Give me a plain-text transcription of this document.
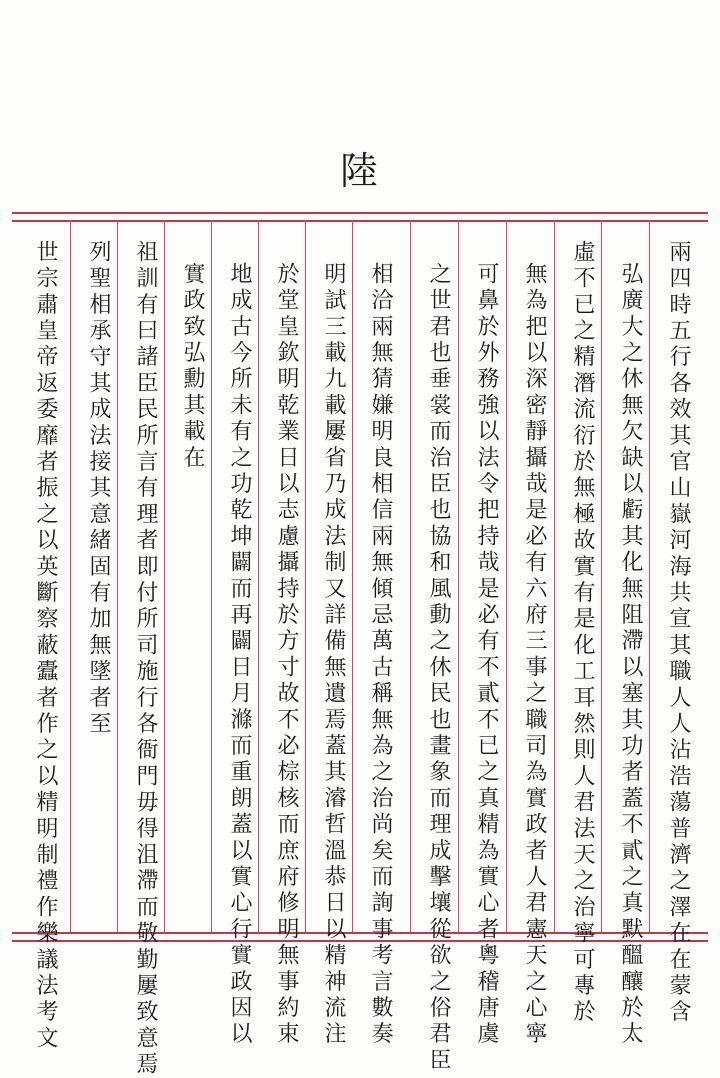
陸
兩四時五行各效其官山嶽河海共宣其職人人沾浩蕩普濟之澤在在蒙含
弘廣大之休無欠缺以虧其化無阻滯以塞其功者蓋不貳之真默醞釀於太
虛不已之精潛流衍於無極故實有是化工耳然則人君法天之治寧可專於
無為把以深密靜攝哉是必有六府三事之職司為實政者人君憲天之心寧
可鼻於外務強以法令把持哉是必有不貳不已之真精為實心者粵稽唐虞
之世君也垂裳而治臣也協和風動之休民也畫象而理成擊壤從欲之俗君臣
相洽兩無猜嫌明良相信兩無傾忌萬古稱無為之治尚矣而詢事考言數奏
明試三載九載屢省乃成法制又詳備無遺焉蓋其濬哲溫恭日以精神流注
於堂皇欽明乾業日以志慮攝持於方寸故不必棕核而庶府修明無事約束
地成古今所未有之功乾坤闢而再闢日月滌而重朗蓋以實心行實政因以
實政致弘勳其載在
祖訓有曰諸臣民所言有理者即付所司施行各衙門毋得沮滯而敬勤屢致意焉
列聖相承守其成法接其意緒固有加無墜者至
世宗肅皇帝返委靡者振之以英斷察蔽蠹者作之以精明制禮作樂議法考文
